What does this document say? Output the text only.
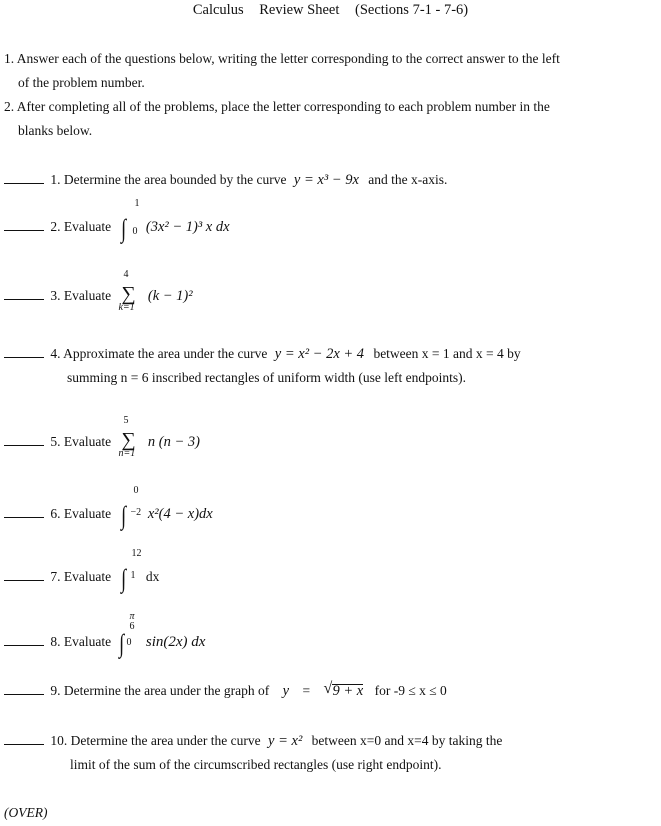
Calculus Review Sheet (Sections 7-1 - 7-6)
1. Answer each of the questions below, writing the letter corresponding to the correct answer to the left
of the problem number.
2. After completing all of the problems, place the letter corresponding to each problem number in the
blanks below.
1. Determine the area bounded by the curve y = x³ − 9x and the x-axis.
2. Evaluate ∫
1
0 (3x² − 1)³ x dx
3. Evaluate ∑
4
k=1
(k − 1)²
4. Approximate the area under the curve y = x² − 2x + 4 between x = 1 and x = 4 by
summing n = 6 inscribed rectangles of uniform width (use left endpoints).
5. Evaluate ∑
5
n=1
n (n − 3)
6. Evaluate ∫
0
−2 x²(4 − x)dx
7. Evaluate ∫
12
1 dx
8. Evaluate ∫
π
6
0 sin(2x) dx
9. Determine the area under the graph of y = √ 9 + x for -9 ≤ x ≤ 0
10. Determine the area under the curve y = x² between x=0 and x=4 by taking the
limit of the sum of the circumscribed rectangles (use right endpoint).
(OVER)
